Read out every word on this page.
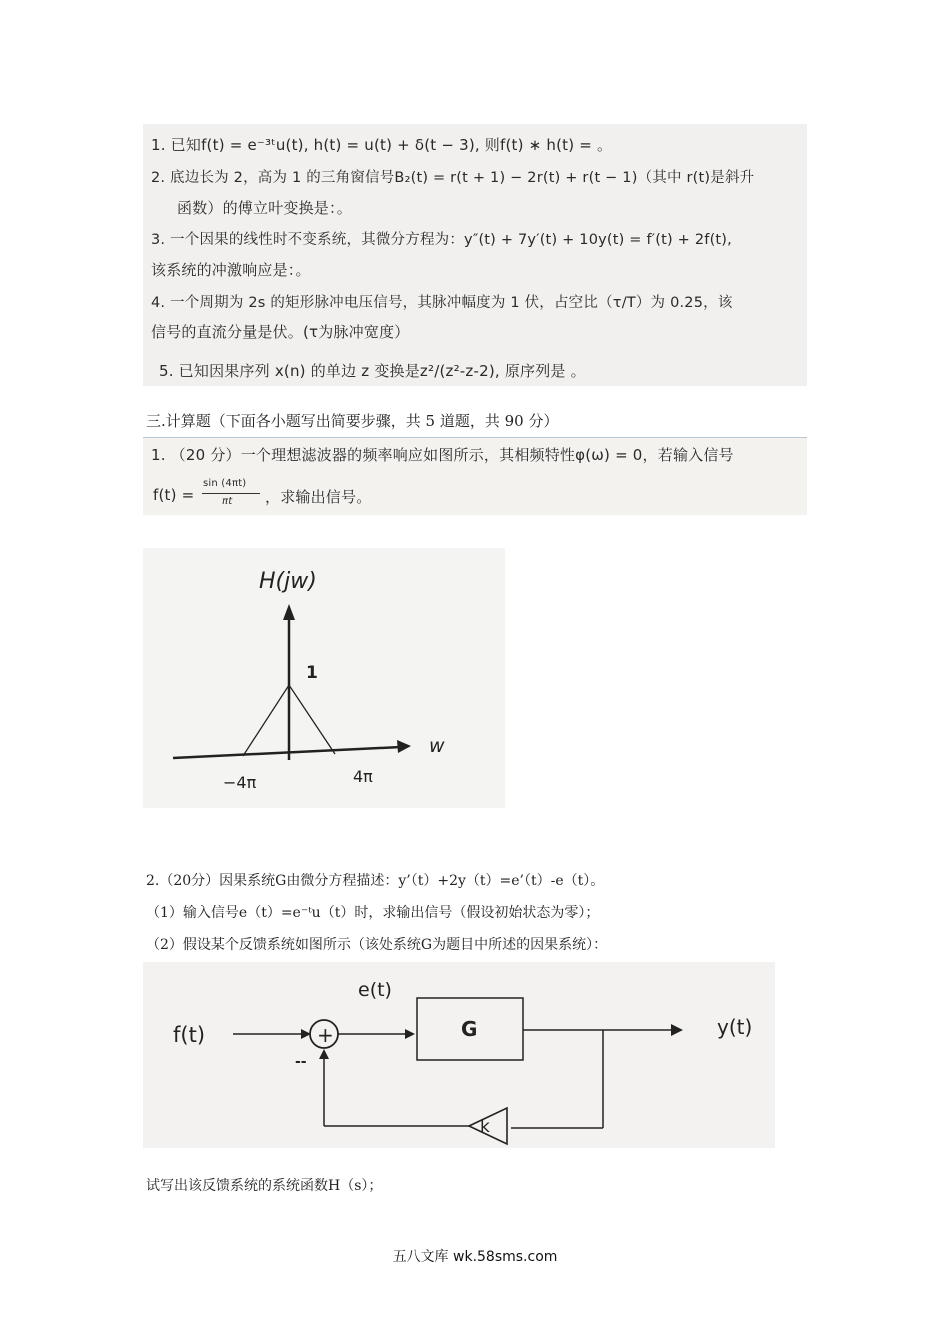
1. 已知f(t) = e⁻³ᵗu(t), h(t) = u(t) + δ(t − 3), 则f(t) ∗ h(t) = 。
2. 底边长为 2，高为 1 的三角窗信号B₂(t) = r(t + 1) − 2r(t) + r(t − 1)（其中 r(t)是斜升
函数）的傅立叶变换是：。
3. 一个因果的线性时不变系统，其微分方程为：y″(t) + 7y′(t) + 10y(t) = f′(t) + 2f(t),
该系统的冲激响应是：。
4. 一个周期为 2s 的矩形脉冲电压信号，其脉冲幅度为 1 伏，占空比（τ/T）为 0.25，该
信号的直流分量是伏。(τ为脉冲宽度）
5. 已知因果序列 x(n) 的单边 z 变换是z²/(z²-z-2), 原序列是 。
三.计算题（下面各小题写出简要步骤，共 5 道题，共 90 分）
1. （20 分）一个理想滤波器的频率响应如图所示，其相频特性φ(ω) = 0，若输入信号
f(t) =
sin (4πt)
πt ，求输出信号。
H(jw)
w
1
−4π	4π
2.（20分）因果系统G由微分方程描述：y’（t）+2y（t）=e’（t）-e（t）。
（1）输入信号e（t）=e⁻ᵗu（t）时，求输出信号（假设初始状态为零）；
（2）假设某个反馈系统如图所示（该处系统G为题目中所述的因果系统）：
f(t)	+
--
e(t)
G	y(t)
k
试写出该反馈系统的系统函数H（s）；
五八文库 wk.58sms.com
